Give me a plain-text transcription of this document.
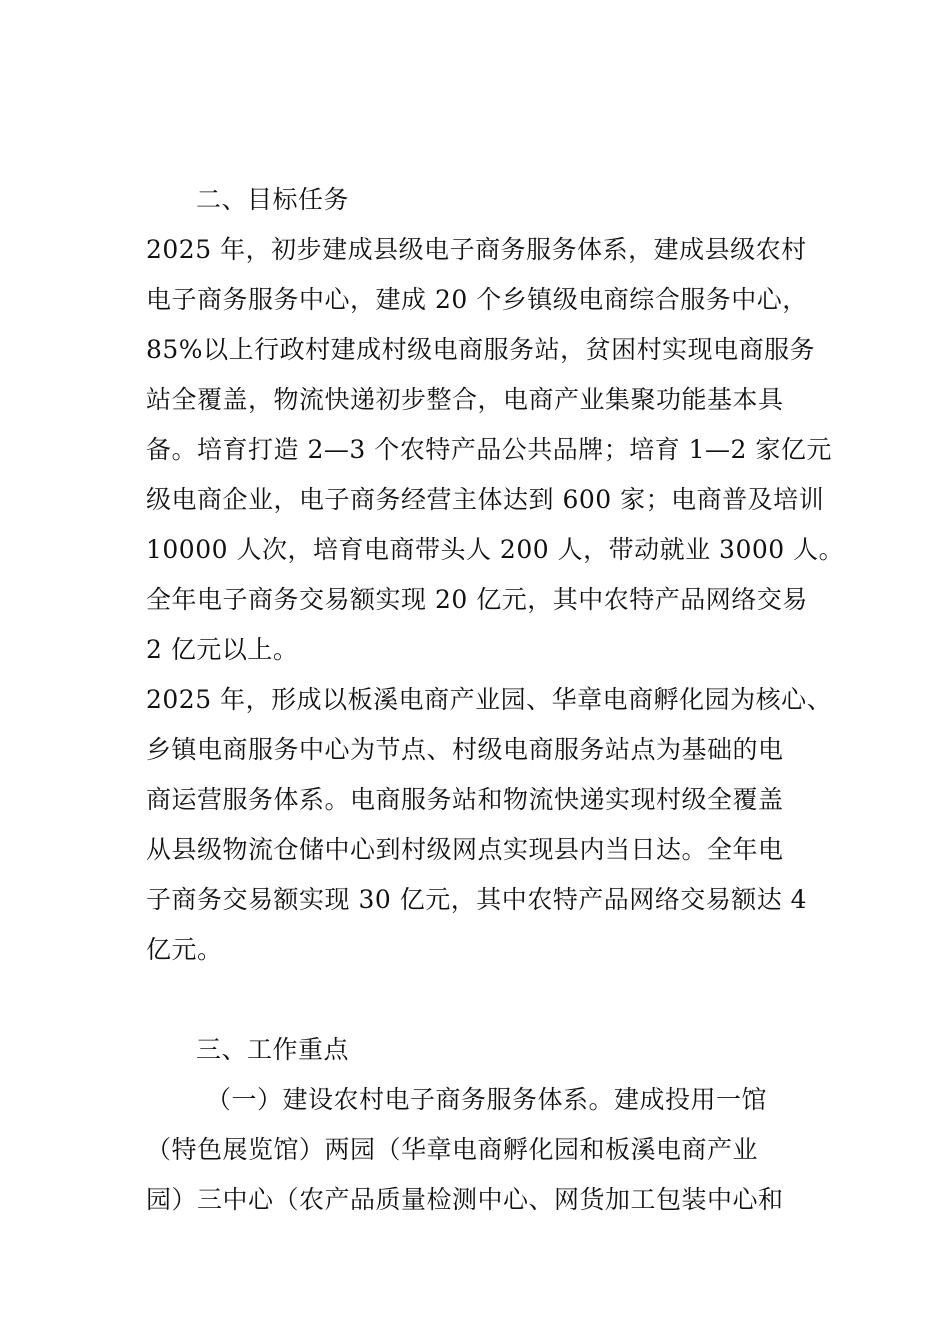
二、目标任务
2025 年，初步建成县级电子商务服务体系，建成县级农村
电子商务服务中心，建成 20 个乡镇级电商综合服务中心，
85%以上行政村建成村级电商服务站，贫困村实现电商服务
站全覆盖，物流快递初步整合，电商产业集聚功能基本具
备。培育打造 2—3 个农特产品公共品牌；培育 1—2 家亿元
级电商企业，电子商务经营主体达到 600 家；电商普及培训
10000 人次，培育电商带头人 200 人，带动就业 3000 人。
全年电子商务交易额实现 20 亿元，其中农特产品网络交易
2 亿元以上。
2025 年，形成以板溪电商产业园、华章电商孵化园为核心、
乡镇电商服务中心为节点、村级电商服务站点为基础的电
商运营服务体系。电商服务站和物流快递实现村级全覆盖
从县级物流仓储中心到村级网点实现县内当日达。全年电
子商务交易额实现 30 亿元，其中农特产品网络交易额达 4
亿元。
三、工作重点
（一）建设农村电子商务服务体系。建成投用一馆
（特色展览馆）两园（华章电商孵化园和板溪电商产业
园）三中心（农产品质量检测中心、网货加工包装中心和
